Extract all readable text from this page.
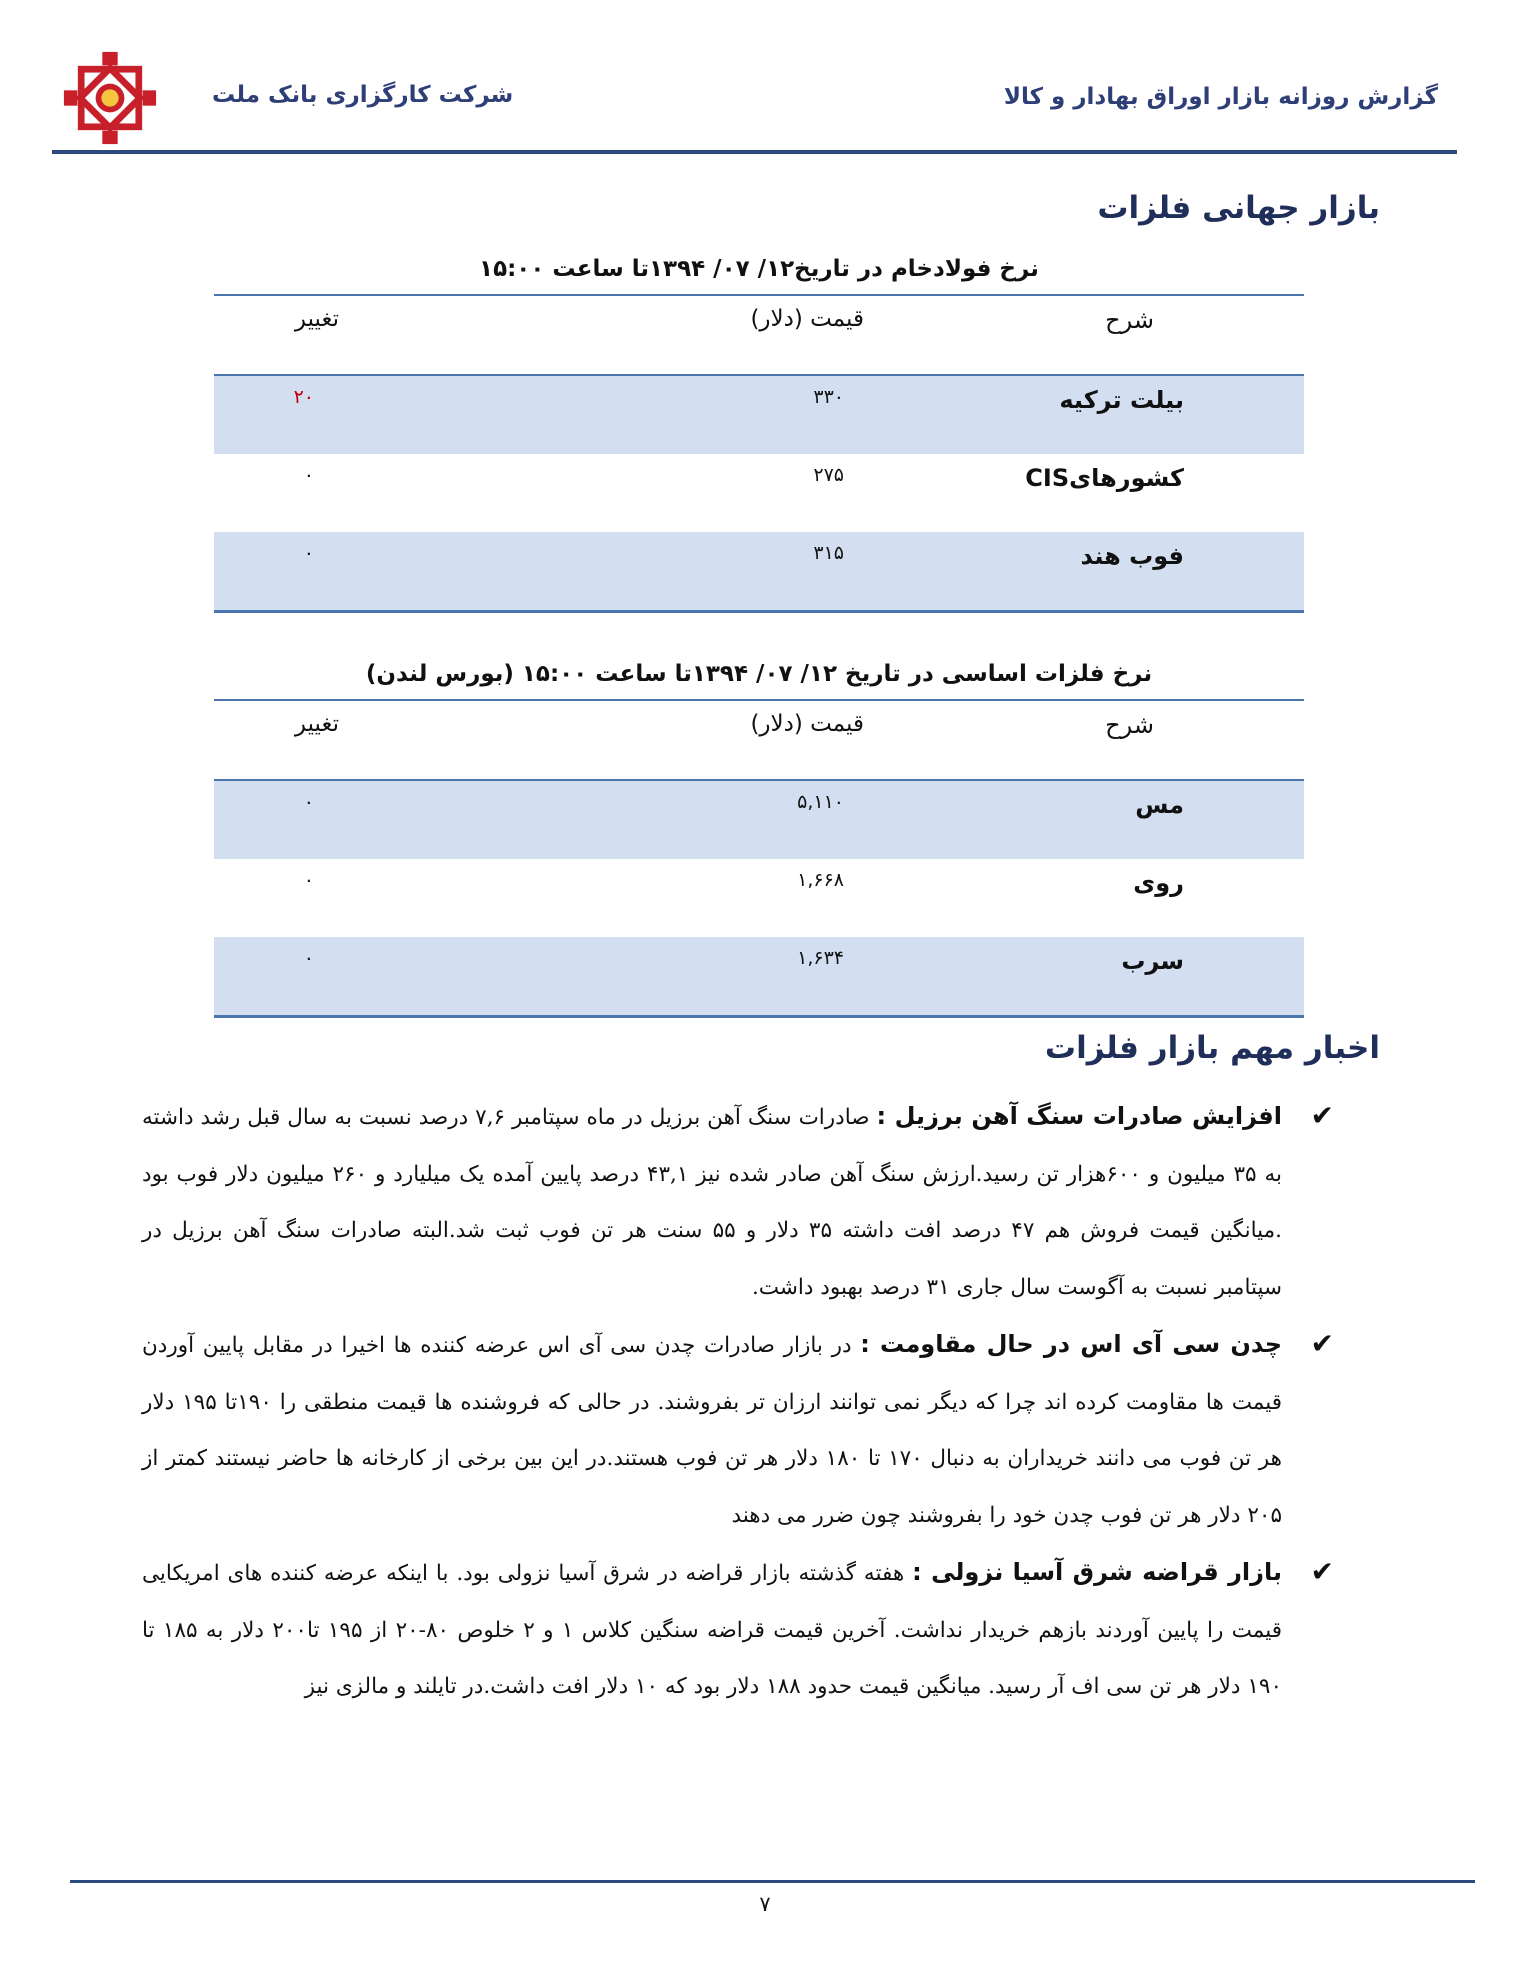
گزارش روزانه بازار اوراق بهادار و کالا
شرکت کارگزاری بانک ملت
بازار جهانی فلزات
نرخ فولادخام در تاریخ۱۲/ ۰۷/ ۱۳۹۴تا ساعت ۱۵:۰۰
شرح
قیمت (دلار)
تغییر
بیلت ترکیه
۳۳۰
۲۰
کشورهایCIS
۲۷۵
۰
فوب هند
۳۱۵
۰
نرخ فلزات اساسی در تاریخ ۱۲/ ۰۷/ ۱۳۹۴تا ساعت ۱۵:۰۰ (بورس لندن)
شرح
قیمت (دلار)
تغییر
مس
۵,۱۱۰
۰
روی
۱,۶۶۸
۰
سرب
۱,۶۳۴
۰
اخبار مهم بازار فلزات
✔
افزایش صادرات سنگ آهن برزیل : صادرات سنگ آهن برزیل در ماه سپتامبر ۷,۶ درصد نسبت به سال قبل رشد داشته به ۳۵ میلیون و ۶۰۰هزار تن رسید.ارزش سنگ آهن صادر شده نیز ۴۳,۱ درصد پایین آمده یک میلیارد و ۲۶۰ میلیون دلار فوب بود .میانگین قیمت فروش هم ۴۷ درصد افت داشته ۳۵ دلار و ۵۵ سنت هر تن فوب ثبت شد.البته صادرات سنگ آهن برزیل در سپتامبر نسبت به آگوست سال جاری ۳۱ درصد بهبود داشت.
✔
چدن سی آی اس در حال مقاومت : در بازار صادرات چدن سی آی اس عرضه کننده ها اخیرا در مقابل پایین آوردن قیمت ها مقاومت کرده اند چرا که دیگر نمی توانند ارزان تر بفروشند. در حالی که فروشنده ها قیمت منطقی را ۱۹۰تا ۱۹۵ دلار هر تن فوب می دانند خریداران به دنبال ۱۷۰ تا ۱۸۰ دلار هر تن فوب هستند.در این بین برخی از کارخانه ها حاضر نیستند کمتر از ۲۰۵ دلار هر تن فوب چدن خود را بفروشند چون ضرر می دهند
✔
بازار قراضه شرق آسیا نزولی : هفته گذشته بازار قراضه در شرق آسیا نزولی بود. با اینکه عرضه کننده های امریکایی قیمت را پایین آوردند بازهم خریدار نداشت. آخرین قیمت قراضه سنگین کلاس ۱ و ۲ خلوص ۸۰-۲۰ از ۱۹۵ تا۲۰۰ دلار به ۱۸۵ تا ۱۹۰ دلار هر تن سی اف آر رسید. میانگین قیمت حدود ۱۸۸ دلار بود که ۱۰ دلار افت داشت.در تایلند و مالزی نیز
۷
